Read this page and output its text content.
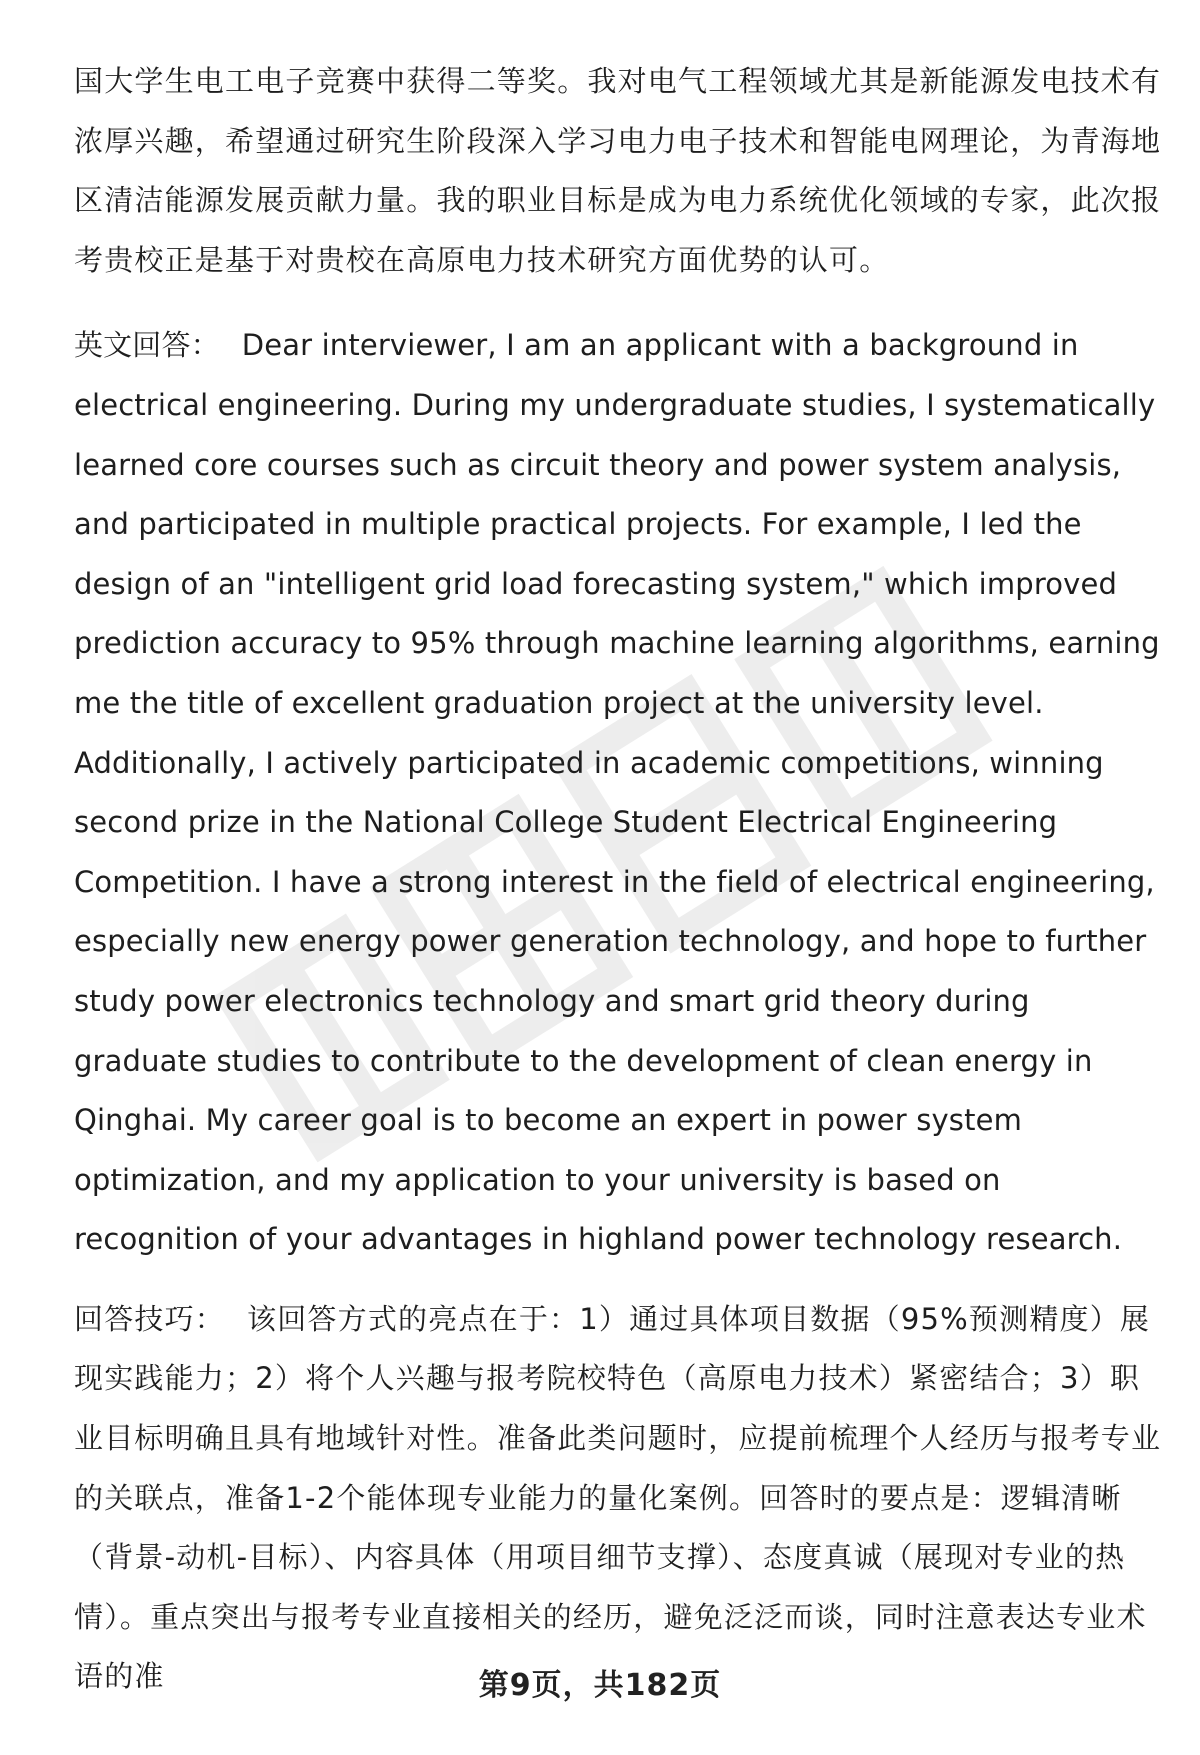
国大学生电工电子竞赛中获得二等奖。我对电气工程领域尤其是新能源发电技术有浓厚兴趣，希望通过研究生阶段深入学习电力电子技术和智能电网理论，为青海地区清洁能源发展贡献力量。我的职业目标是成为电力系统优化领域的专家，此次报考贵校正是基于对贵校在高原电力技术研究方面优势的认可。

英文回答： Dear interviewer, I am an applicant with a background in electrical engineering. During my undergraduate studies, I systematically learned core courses such as circuit theory and power system analysis, and participated in multiple practical projects. For example, I led the design of an "intelligent grid load forecasting system," which improved prediction accuracy to 95% through machine learning algorithms, earning me the title of excellent graduation project at the university level. Additionally, I actively participated in academic competitions, winning second prize in the National College Student Electrical Engineering Competition. I have a strong interest in the field of electrical engineering, especially new energy power generation technology, and hope to further study power electronics technology and smart grid theory during graduate studies to contribute to the development of clean energy in Qinghai. My career goal is to become an expert in power system optimization, and my application to your university is based on recognition of your advantages in highland power technology research.

回答技巧： 该回答方式的亮点在于：1）通过具体项目数据（95%预测精度）展现实践能力；2）将个人兴趣与报考院校特色（高原电力技术）紧密结合；3）职业目标明确且具有地域针对性。准备此类问题时，应提前梳理个人经历与报考专业的关联点，准备1-2个能体现专业能力的量化案例。回答时的要点是：逻辑清晰（背景-动机-目标）、内容具体（用项目细节支撑）、态度真诚（展现对专业的热情）。重点突出与报考专业直接相关的经历，避免泛泛而谈，同时注意表达专业术语的准	第9页，共182页
